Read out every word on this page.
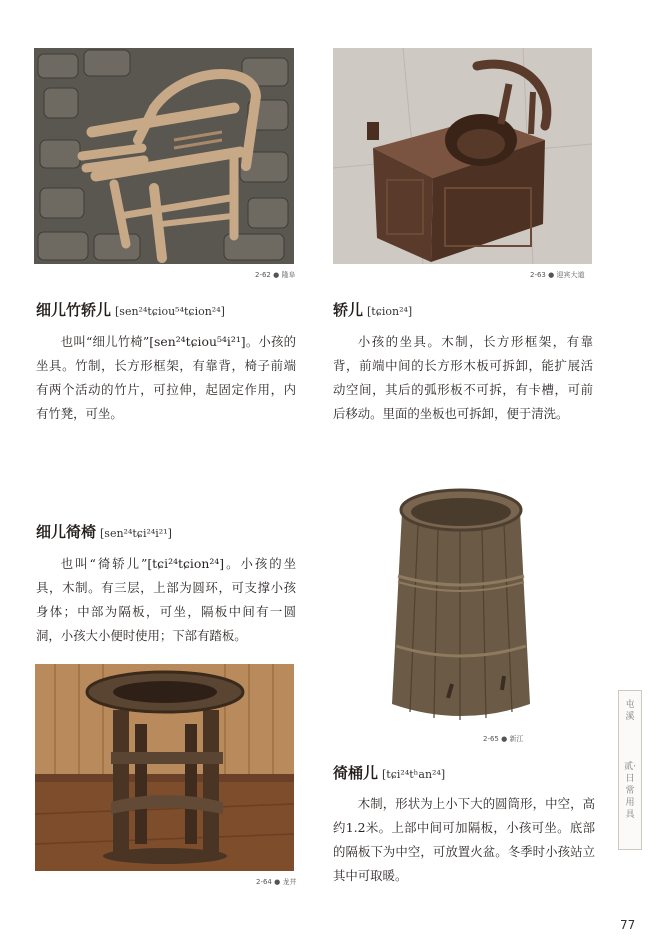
2-62 ● 隆阜	2-63 ● 迎宾大道
细儿竹轿儿 [sen²⁴tɕiou⁵⁴tɕion²⁴]

也叫“细儿竹椅”[sen²⁴tɕiou⁵⁴i²¹]。小孩的坐具。竹制，长方形框架，有靠背，椅子前端有两个活动的竹片，可拉伸，起固定作用，内有竹凳，可坐。

轿儿 [tɕion²⁴]

小孩的坐具。木制，长方形框架，有靠背，前端中间的长方形木板可拆卸，能扩展活动空间，其后的弧形板不可拆，有卡槽，可前后移动。里面的坐板也可拆卸，便于清洗。

细儿徛椅 [sen²⁴tɕi²⁴i²¹]

也叫“徛轿儿”[tɕi²⁴tɕion²⁴]。小孩的坐具，木制。有三层，上部为圆环，可支撑小孩身体；中部为隔板，可坐，隔板中间有一圆洞，小孩大小便时使用；下部有踏板。

2-65 ● 新江
2-64 ● 龙井
徛桶儿 [tɕi²⁴tʰan²⁴]

木制，形状为上小下大的圆筒形，中空，高约1.2米。上部中间可加隔板，小孩可坐。底部的隔板下为中空，可放置火盆。冬季时小孩站立其中可取暖。

屯溪
贰·日常用具
77
